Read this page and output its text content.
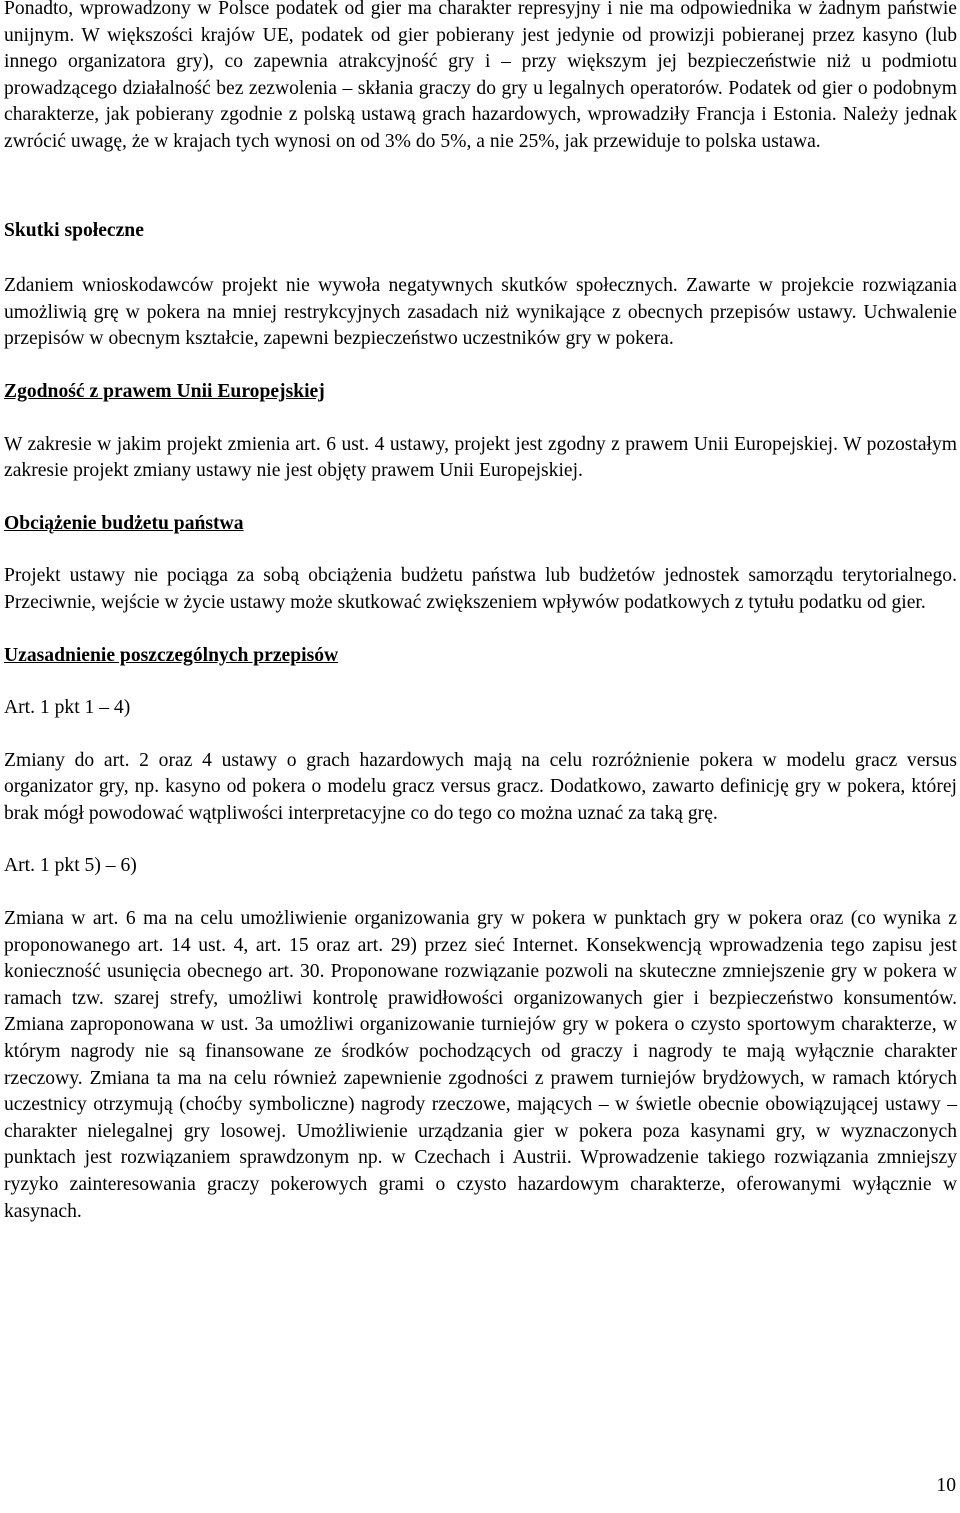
Ponadto, wprowadzony w Polsce podatek od gier ma charakter represyjny i nie ma odpowiednika w żadnym państwie unijnym. W większości krajów UE, podatek od gier pobierany jest jedynie od prowizji pobieranej przez kasyno (lub innego organizatora gry), co zapewnia atrakcyjność gry i – przy większym jej bezpieczeństwie niż u podmiotu prowadzącego działalność bez zezwolenia – skłania graczy do gry u legalnych operatorów. Podatek od gier o podobnym charakterze, jak pobierany zgodnie z polską ustawą grach hazardowych, wprowadziły Francja i Estonia. Należy jednak zwrócić uwagę, że w krajach tych wynosi on od 3% do 5%, a nie 25%, jak przewiduje to polska ustawa.

Skutki społeczne

Zdaniem wnioskodawców projekt nie wywoła negatywnych skutków społecznych. Zawarte w projekcie rozwiązania umożliwią grę w pokera na mniej restrykcyjnych zasadach niż wynikające z obecnych przepisów ustawy. Uchwalenie przepisów w obecnym kształcie, zapewni bezpieczeństwo uczestników gry w pokera.

Zgodność z prawem Unii Europejskiej

W zakresie w jakim projekt zmienia art. 6 ust. 4 ustawy, projekt jest zgodny z prawem Unii Europejskiej. W pozostałym zakresie projekt zmiany ustawy nie jest objęty prawem Unii Europejskiej.

Obciążenie budżetu państwa

Projekt ustawy nie pociąga za sobą obciążenia budżetu państwa lub budżetów jednostek samorządu terytorialnego. Przeciwnie, wejście w życie ustawy może skutkować zwiększeniem wpływów podatkowych z tytułu podatku od gier.

Uzasadnienie poszczególnych przepisów

Art. 1 pkt 1 – 4)

Zmiany do art. 2 oraz 4 ustawy o grach hazardowych mają na celu rozróżnienie pokera w modelu gracz versus organizator gry, np. kasyno od pokera o modelu gracz versus gracz. Dodatkowo, zawarto definicję gry w pokera, której brak mógł powodować wątpliwości interpretacyjne co do tego co można uznać za taką grę.

Art. 1 pkt 5) – 6)

Zmiana w art. 6 ma na celu umożliwienie organizowania gry w pokera w punktach gry w pokera oraz (co wynika z proponowanego art. 14 ust. 4, art. 15 oraz art. 29) przez sieć Internet. Konsekwencją wprowadzenia tego zapisu jest konieczność usunięcia obecnego art. 30. Proponowane rozwiązanie pozwoli na skuteczne zmniejszenie gry w pokera w ramach tzw. szarej strefy, umożliwi kontrolę prawidłowości organizowanych gier i bezpieczeństwo konsumentów. Zmiana zaproponowana w ust. 3a umożliwi organizowanie turniejów gry w pokera o czysto sportowym charakterze, w którym nagrody nie są finansowane ze środków pochodzących od graczy i nagrody te mają wyłącznie charakter rzeczowy. Zmiana ta ma na celu również zapewnienie zgodności z prawem turniejów brydżowych, w ramach których uczestnicy otrzymują (choćby symboliczne) nagrody rzeczowe, mających – w świetle obecnie obowiązującej ustawy – charakter nielegalnej gry losowej. Umożliwienie urządzania gier w pokera poza kasynami gry, w wyznaczonych punktach jest rozwiązaniem sprawdzonym np. w Czechach i Austrii. Wprowadzenie takiego rozwiązania zmniejszy ryzyko zainteresowania graczy pokerowych grami o czysto hazardowym charakterze, oferowanymi wyłącznie w kasynach.

10
